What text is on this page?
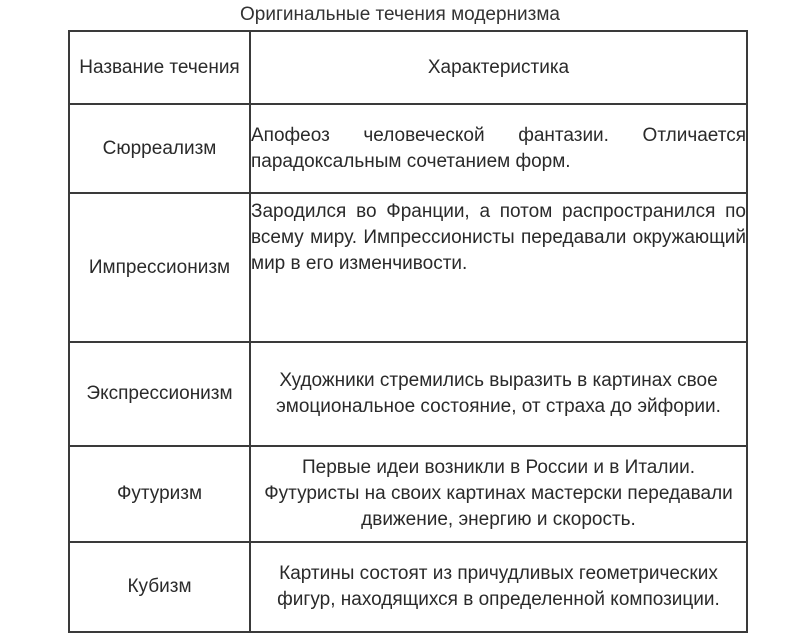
Оригинальные течения модернизма
Название течения	Характеристика
Сюрреализм	Апофеоз человеческой фантазии. Отличается парадоксальным сочетанием форм.
Импрессионизм	Зародился во Франции, а потом распространился по всему миру. Импрессионисты передавали окружающий мир в его изменчивости.
Экспрессионизм	Художники стремились выразить в картинах свое эмоциональное состояние, от страха до эйфории.
Футуризм	Первые идеи возникли в России и в Италии. Футуристы на своих картинах мастерски передавали движение, энергию и скорость.
Кубизм	Картины состоят из причудливых геометрических фигур, находящихся в определенной композиции.
